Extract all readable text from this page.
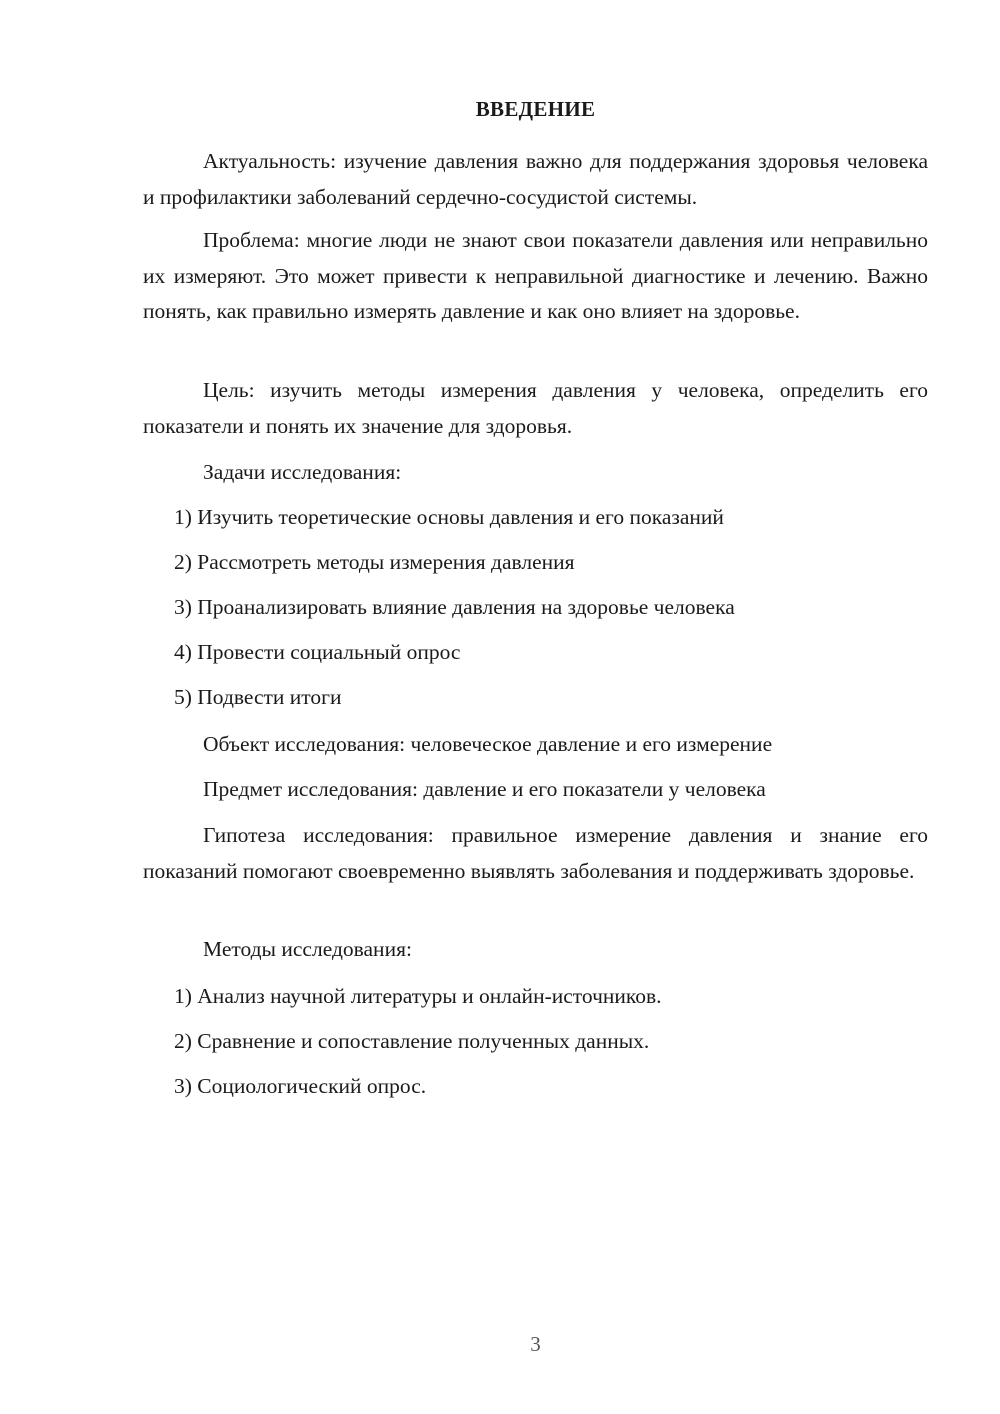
ВВЕДЕНИЕ
Актуальность: изучение давления важно для поддержания здоровья человека и профилактики заболеваний сердечно-сосудистой системы.
Проблема: многие люди не знают свои показатели давления или неправильно их измеряют. Это может привести к неправильной диагностике и лечению. Важно понять, как правильно измерять давление и как оно влияет на здоровье.
Цель: изучить методы измерения давления у человека, определить его показатели и понять их значение для здоровья.
Задачи исследования:
1) Изучить теоретические основы давления и его показаний
2) Рассмотреть методы измерения давления
3) Проанализировать влияние давления на здоровье человека
4) Провести социальный опрос
5) Подвести итоги
Объект исследования: человеческое давление и его измерение
Предмет исследования: давление и его показатели у человека
Гипотеза исследования: правильное измерение давления и знание его показаний помогают своевременно выявлять заболевания и поддерживать здоровье.
Методы исследования:
1) Анализ научной литературы и онлайн-источников.
2) Сравнение и сопоставление полученных данных.
3) Социологический опрос.
3
